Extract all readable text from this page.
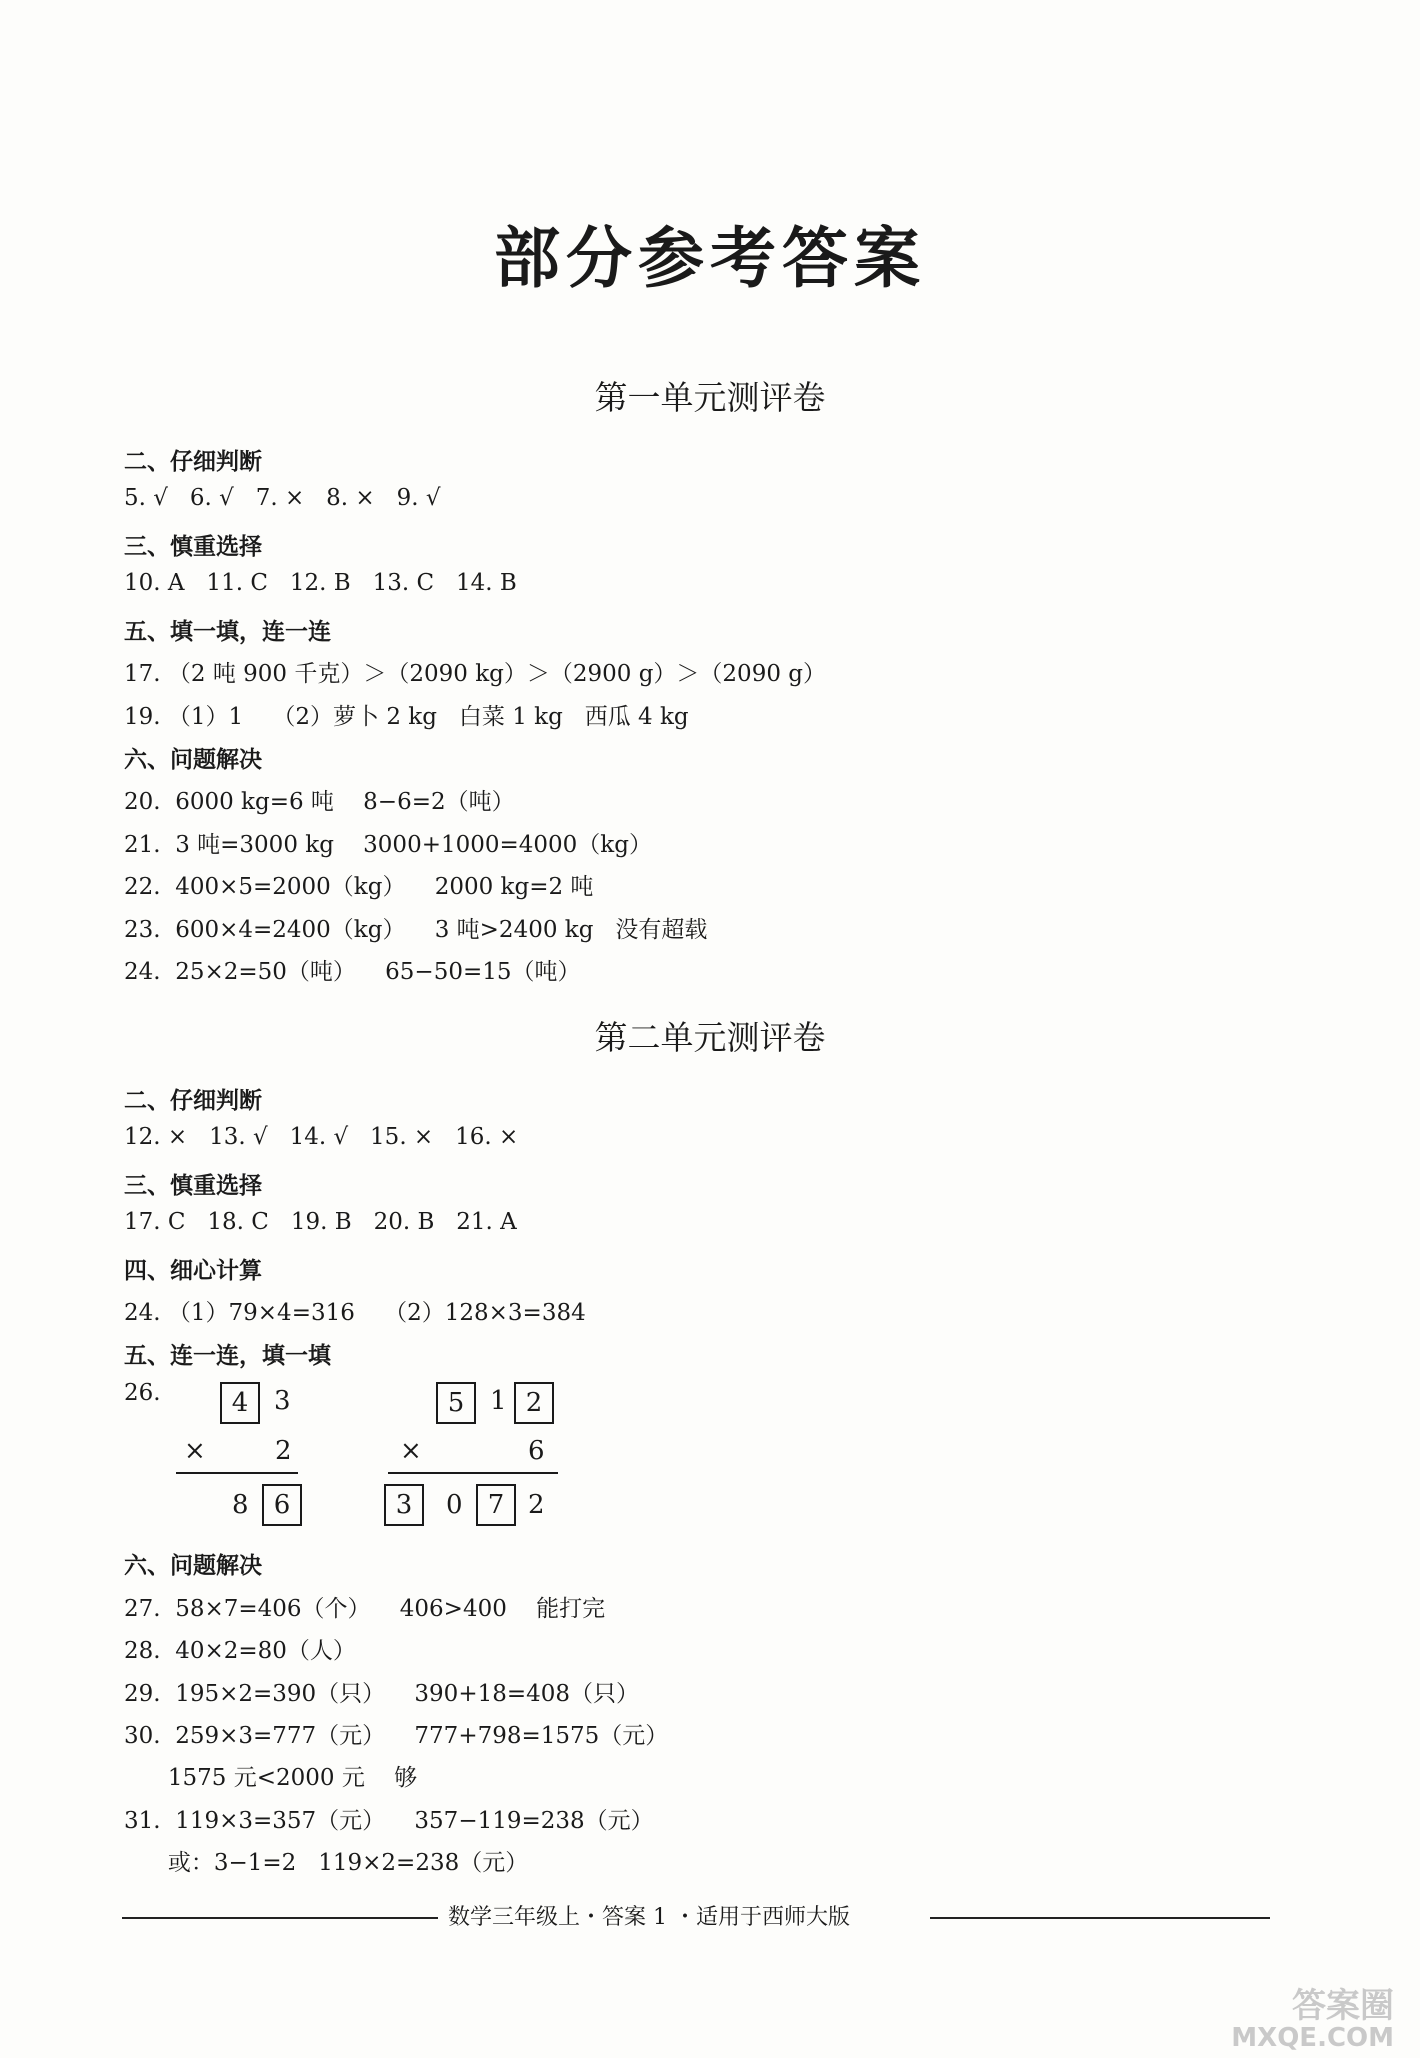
部分参考答案
第一单元测评卷
二、仔细判断
5. √   6. √   7. ×   8. ×   9. √
三、慎重选择
10. A   11. C   12. B   13. C   14. B
五、填一填，连一连
17. （2 吨 900 千克）＞（2090 kg）＞（2900 g）＞（2090 g）
19. （1）1    （2）萝卜 2 kg   白菜 1 kg   西瓜 4 kg
六、问题解决
20.  6000 kg=6 吨    8−6=2（吨）
21.  3 吨=3000 kg    3000+1000=4000（kg）
22.  400×5=2000（kg）    2000 kg=2 吨
23.  600×4=2400（kg）    3 吨>2400 kg   没有超载
24.  25×2=50（吨）    65−50=15（吨）
第二单元测评卷
二、仔细判断
12. ×   13. √   14. √   15. ×   16. ×
三、慎重选择
17. C   18. C   19. B   20. B   21. A
四、细心计算
24. （1）79×4=316    （2）128×3=384
五、连一连，填一填
26.	4 3
×	2
8 6
5 1 2
×	6
3	0 7 2
六、问题解决
27.  58×7=406（个）    406>400    能打完
28.  40×2=80（人）
29.  195×2=390（只）    390+18=408（只）
30.  259×3=777（元）    777+798=1575（元）
1575 元<2000 元    够
31.  119×3=357（元）    357−119=238（元）
或：3−1=2   119×2=238（元）
数学三年级上・答案 1 ・适用于西师大版
答案圈
MXQE.COM
